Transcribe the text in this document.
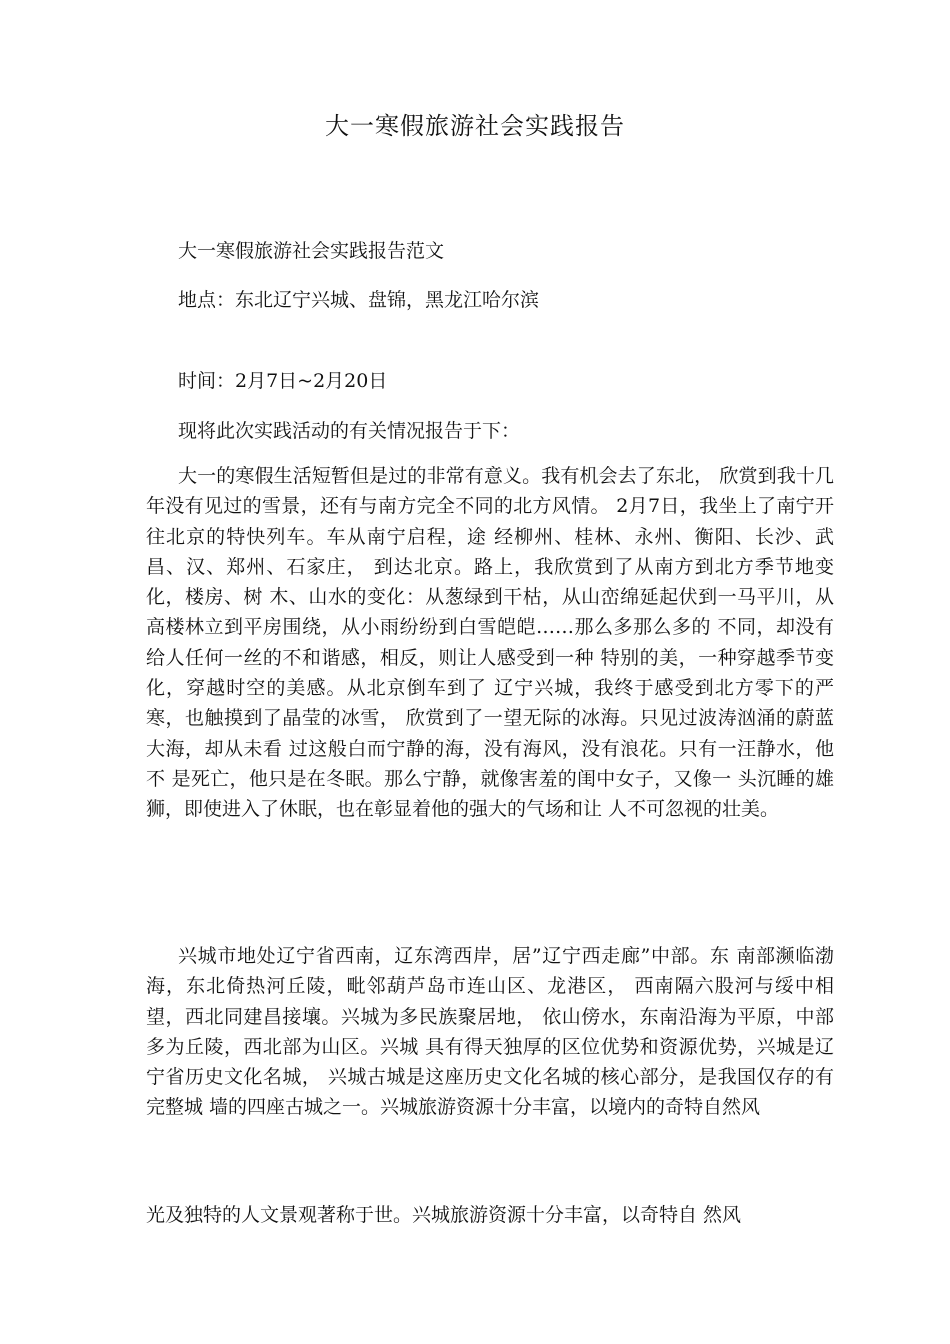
大一寒假旅游社会实践报告
大一寒假旅游社会实践报告范文
地点：东北辽宁兴城、盘锦，黑龙江哈尔滨
时间：2月7日~2月20日
现将此次实践活动的有关情况报告于下：

大一的寒假生活短暂但是过的非常有意义。我有机会去了东北， 欣赏到我十几年没有见过的雪景，还有与南方完全不同的北方风情。 2月7日，我坐上了南宁开往北京的特快列车。车从南宁启程，途 经柳州、桂林、永州、衡阳、长沙、武昌、汉、郑州、石家庄， 到达北京。路上，我欣赏到了从南方到北方季节地变化，楼房、树 木、山水的变化：从葱绿到干枯，从山峦绵延起伏到一马平川，从 高楼林立到平房围绕，从小雨纷纷到白雪皑皑……那么多那么多的 不同，却没有给人任何一丝的不和谐感，相反，则让人感受到一种 特别的美，一种穿越季节变化，穿越时空的美感。从北京倒车到了 辽宁兴城，我终于感受到北方零下的严寒，也触摸到了晶莹的冰雪， 欣赏到了一望无际的冰海。只见过波涛汹涌的蔚蓝大海，却从未看 过这般白而宁静的海，没有海风，没有浪花。只有一汪静水，他不 是死亡，他只是在冬眠。那么宁静，就像害羞的闺中女子，又像一 头沉睡的雄狮，即使进入了休眠，也在彰显着他的强大的气场和让 人不可忽视的壮美。

兴城市地处辽宁省西南，辽东湾西岸，居”辽宁西走廊”中部。东 南部濒临渤海，东北倚热河丘陵，毗邻葫芦岛市连山区、龙港区， 西南隔六股河与绥中相望，西北同建昌接壤。兴城为多民族聚居地， 依山傍水，东南沿海为平原，中部多为丘陵，西北部为山区。兴城 具有得天独厚的区位优势和资源优势，兴城是辽宁省历史文化名城， 兴城古城是这座历史文化名城的核心部分，是我国仅存的有完整城 墙的四座古城之一。兴城旅游资源十分丰富，以境内的奇特自然风

光及独特的人文景观著称于世。兴城旅游资源十分丰富，以奇特自 然风
